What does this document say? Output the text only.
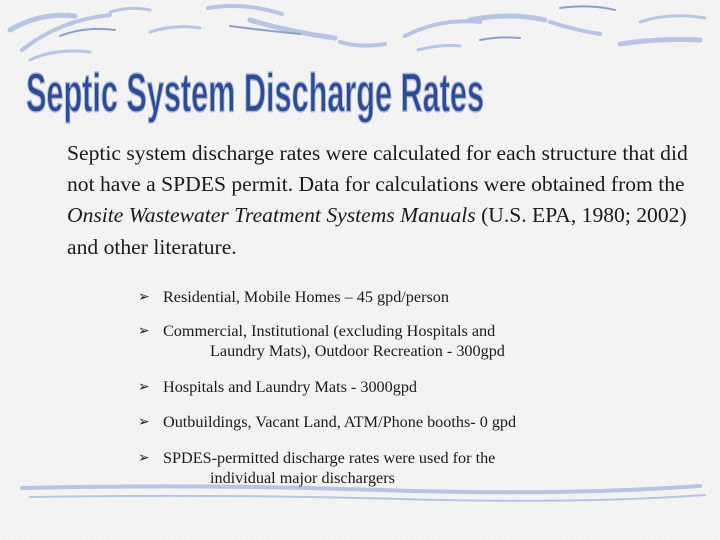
Septic System Discharge Rates
Septic system discharge rates were calculated for each structure that did not have a SPDES permit. Data for calculations were obtained from the Onsite Wastewater Treatment Systems Manuals (U.S. EPA, 1980; 2002) and other literature.
➢ Residential, Mobile Homes – 45 gpd/person
➢ Commercial, Institutional (excluding Hospitals and
Laundry Mats), Outdoor Recreation - 300gpd
➢ Hospitals and Laundry Mats - 3000gpd
➢ Outbuildings, Vacant Land, ATM/Phone booths- 0 gpd
➢ SPDES-permitted discharge rates were used for the
individual major dischargers
